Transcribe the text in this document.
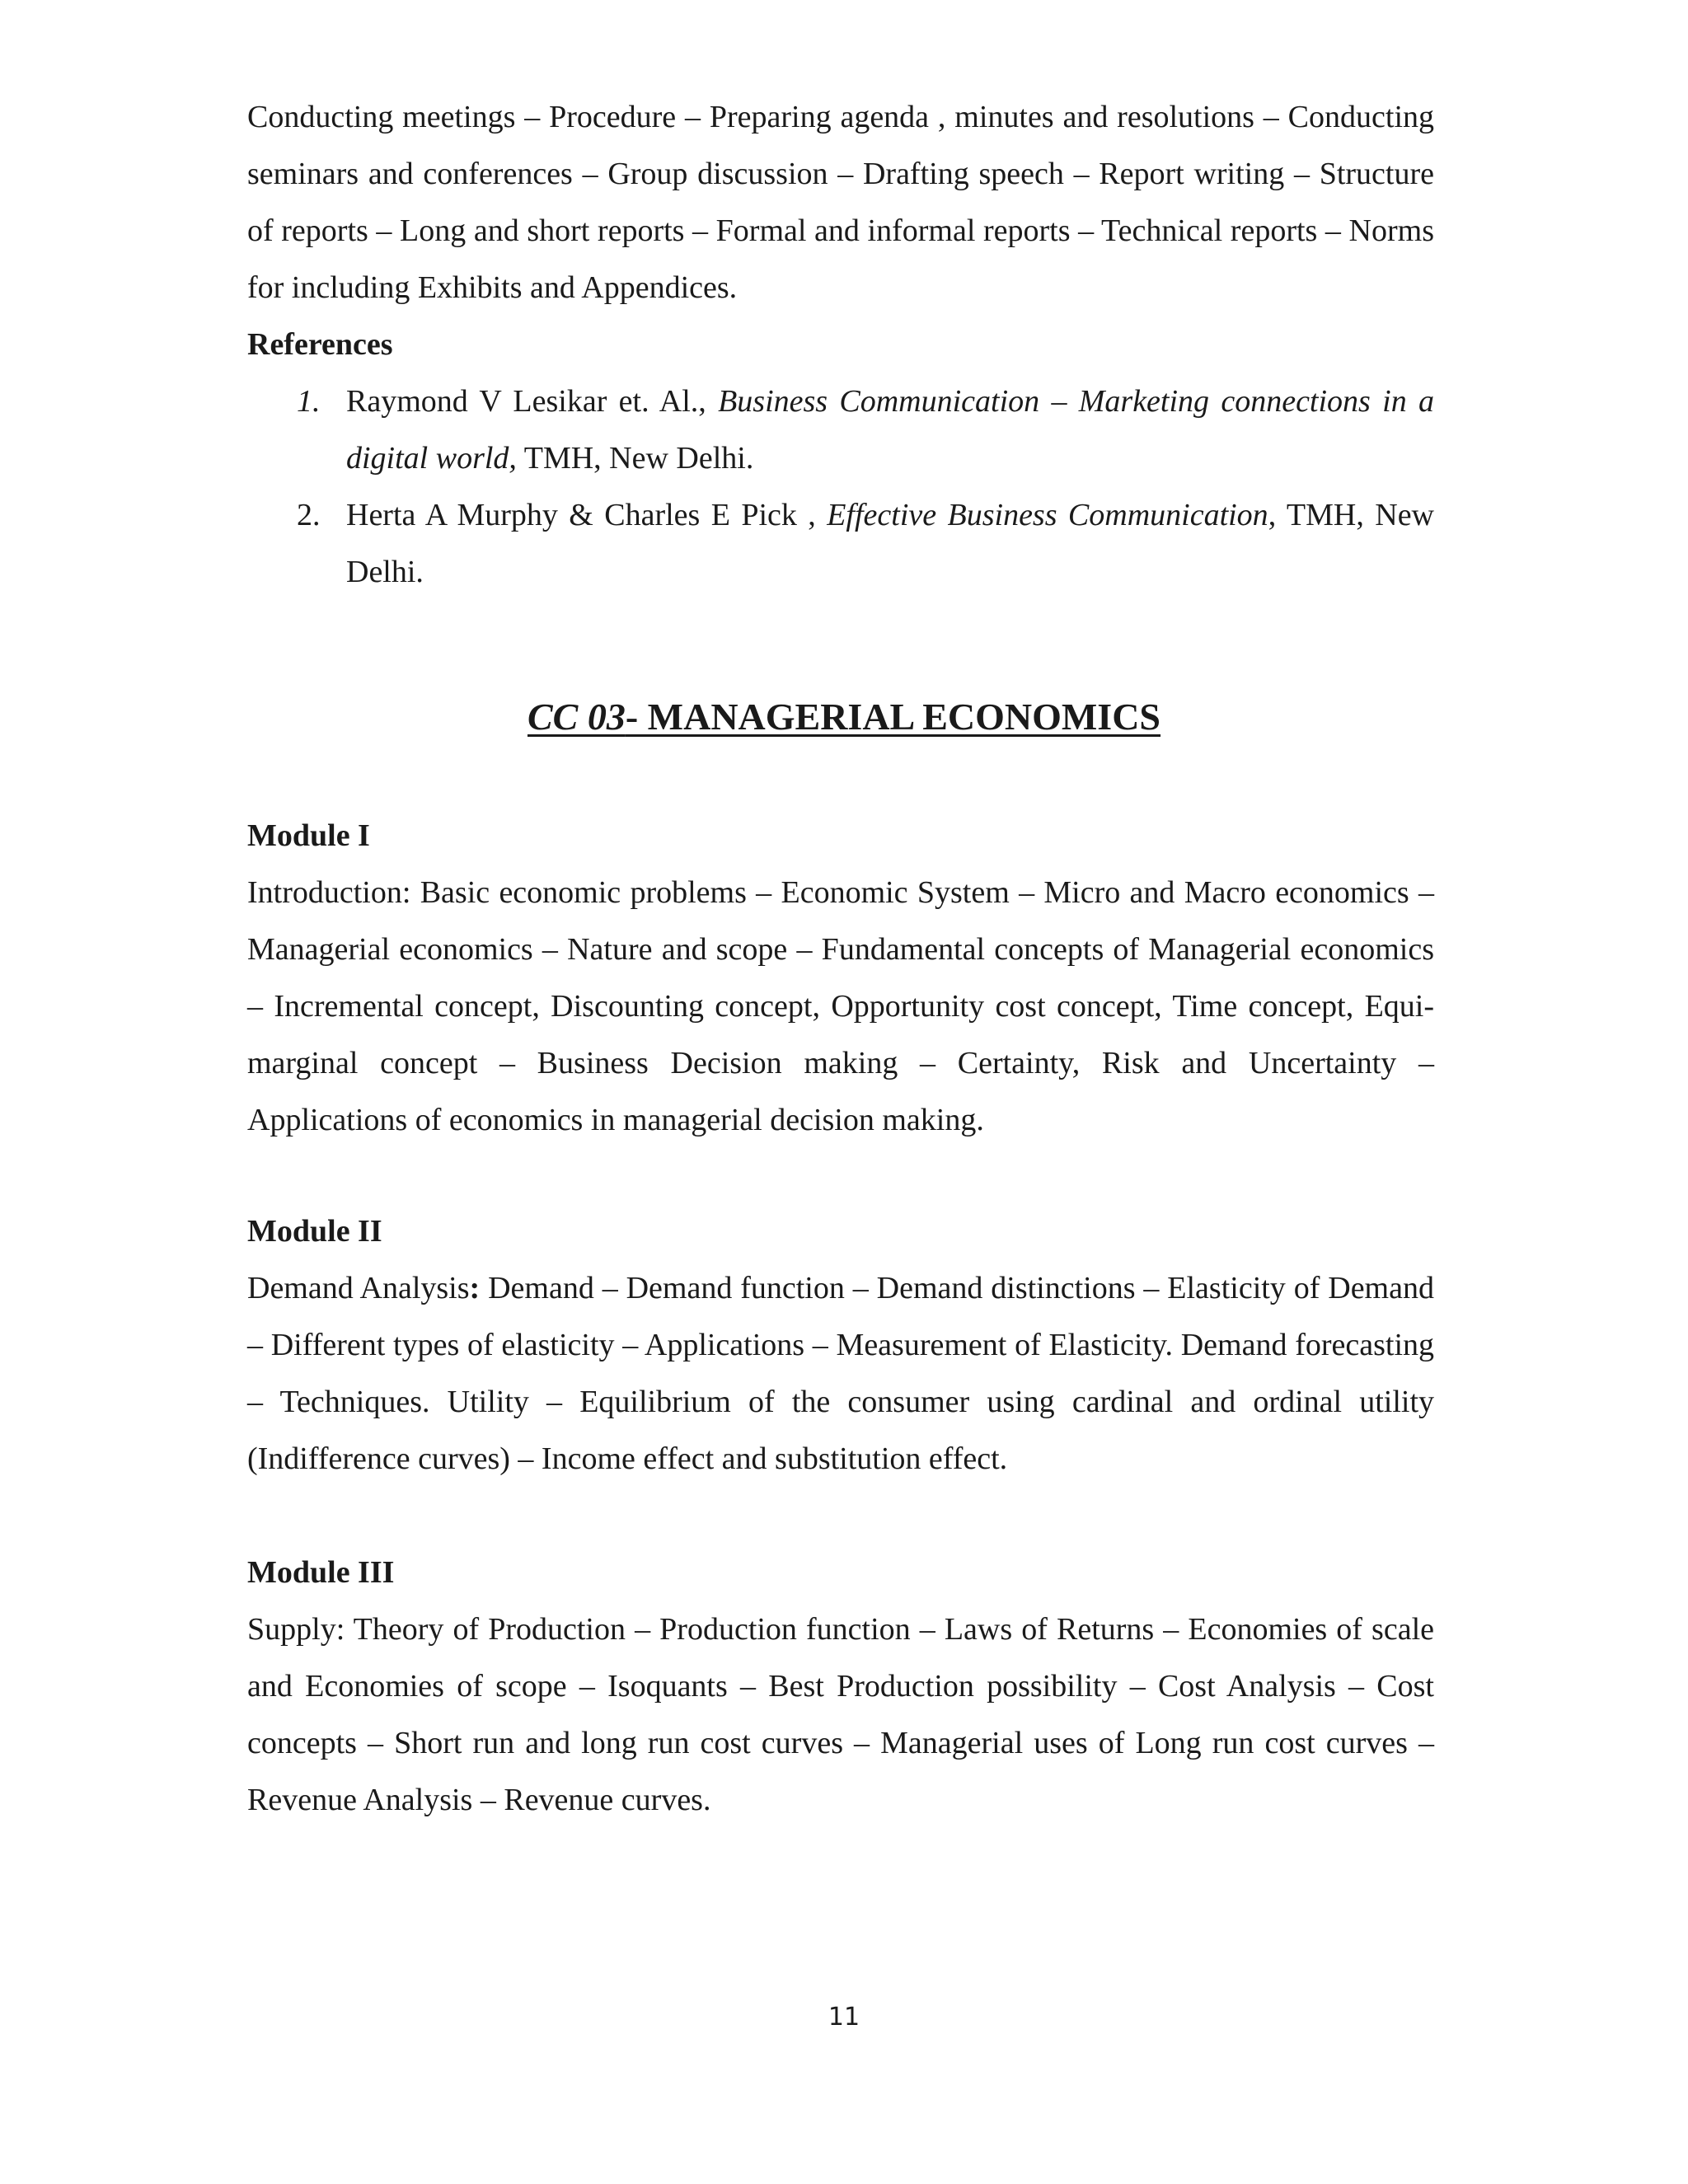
Conducting meetings – Procedure – Preparing agenda , minutes and resolutions – Conducting seminars and conferences – Group discussion – Drafting speech – Report writing – Structure of reports – Long and short reports – Formal and informal reports – Technical reports – Norms for including Exhibits and Appendices.

References

1. Raymond V Lesikar et. Al., Business Communication – Marketing connections in a digital world, TMH, New Delhi.
2. Herta A Murphy & Charles E Pick , Effective Business Communication, TMH, New Delhi.
CC 03- MANAGERIAL ECONOMICS

Module I

Introduction: Basic economic problems – Economic System – Micro and Macro economics – Managerial economics – Nature and scope – Fundamental concepts of Managerial economics – Incremental concept, Discounting concept, Opportunity cost concept, Time concept, Equi-marginal concept – Business Decision making – Certainty, Risk and Uncertainty – Applications of economics in managerial decision making.

Module II

Demand Analysis: Demand – Demand function – Demand distinctions – Elasticity of Demand – Different types of elasticity – Applications – Measurement of Elasticity. Demand forecasting – Techniques. Utility – Equilibrium of the consumer using cardinal and ordinal utility (Indifference curves) – Income effect and substitution effect.

Module III

Supply: Theory of Production – Production function – Laws of Returns – Economies of scale and Economies of scope – Isoquants – Best Production possibility – Cost Analysis – Cost concepts – Short run and long run cost curves – Managerial uses of Long run cost curves – Revenue Analysis – Revenue curves.

11
